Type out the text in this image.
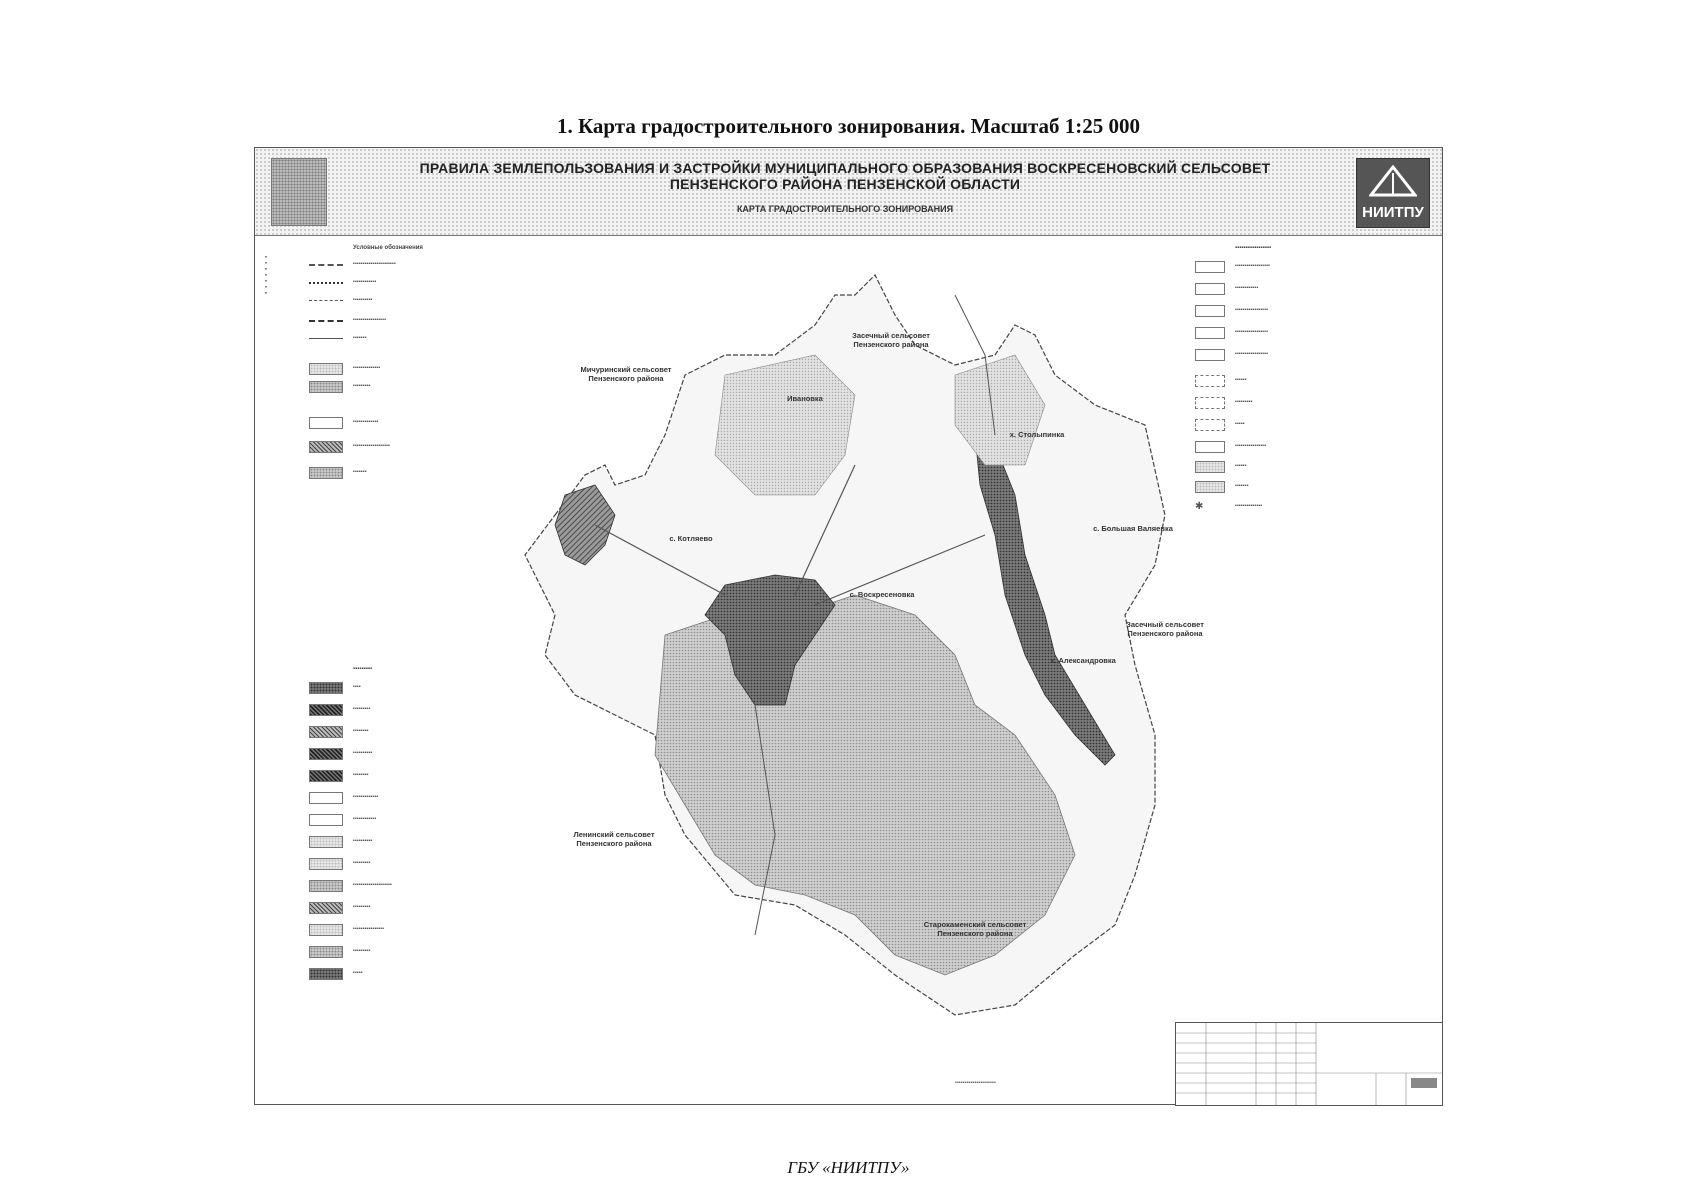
1. Карта градостроительного зонирования. Масштаб 1:25 000
ПРАВИЛА ЗЕМЛЕПОЛЬЗОВАНИЯ И ЗАСТРОЙКИ МУНИЦИПАЛЬНОГО ОБРАЗОВАНИЯ ВОСКРЕСЕНОВСКИЙ СЕЛЬСОВЕТ
ПЕНЗЕНСКОГО РАЙОНА ПЕНЗЕНСКОЙ ОБЛАСТИ
КАРТА ГРАДОСТРОИТЕЛЬНОГО ЗОНИРОВАНИЯ	НИИТПУ
▪▪▪▪▪▪▪
Условные обозначения
▪▪▪▪▪▪▪▪▪▪▪▪▪▪▪▪▪▪▪▪▪▪
▪▪▪▪▪▪▪▪▪▪▪▪
▪▪▪▪▪▪▪▪▪▪
▪▪▪▪▪▪▪▪▪▪▪▪▪▪▪▪▪
▪▪▪▪▪▪▪
▪▪▪▪▪▪▪▪▪▪▪▪▪▪
▪▪▪▪▪▪▪▪▪
▪▪▪▪▪▪▪▪▪▪▪▪▪
▪▪▪▪▪▪▪▪▪▪▪▪▪▪▪▪▪▪▪
▪▪▪▪▪▪▪
▪▪▪▪▪▪▪▪▪
▪▪▪▪
▪▪▪▪▪▪▪▪▪
▪▪▪▪▪▪▪▪
▪▪▪▪▪▪▪▪▪▪
▪▪▪▪▪▪▪▪
▪▪▪▪▪▪▪▪▪▪▪▪▪
▪▪▪▪▪▪▪▪▪▪▪▪
▪▪▪▪▪▪▪▪▪▪
▪▪▪▪▪▪▪▪▪
▪▪▪▪▪▪▪▪▪▪▪▪▪▪▪▪▪▪▪▪
▪▪▪▪▪▪▪▪▪
▪▪▪▪▪▪▪▪▪▪▪▪▪▪▪▪
▪▪▪▪▪▪▪▪▪
▪▪▪▪▪
▪▪▪▪▪▪▪▪▪▪▪▪▪▪▪▪▪
▪▪▪▪▪▪▪▪▪▪▪▪▪▪▪▪▪▪
▪▪▪▪▪▪▪▪▪▪▪▪
▪▪▪▪▪▪▪▪▪▪▪▪▪▪▪▪▪
▪▪▪▪▪▪▪▪▪▪▪▪▪▪▪▪▪
▪▪▪▪▪▪▪▪▪▪▪▪▪▪▪▪▪
▪▪▪▪▪▪
▪▪▪▪▪▪▪▪▪
▪▪▪▪▪
▪▪▪▪▪▪▪▪▪▪▪▪▪▪▪▪
▪▪▪▪▪▪
▪▪▪▪▪▪▪
✱	▪▪▪▪▪▪▪▪▪▪▪▪▪▪
Мичуринский сельсовет
Пензенского района
Засечный сельсовет
Пензенского района
Засечный сельсовет
Пензенского района
Ленинский сельсовет
Пензенского района
Старокаменский сельсовет
Пензенского района
Ивановка
с. Котляево
с. Воскресеновка
с. Большая Валяевка
х. Александровка
х. Столыпинка
▪▪▪▪▪▪▪▪▪▪▪▪▪▪▪▪▪▪▪▪▪
ГБУ «НИИТПУ»
